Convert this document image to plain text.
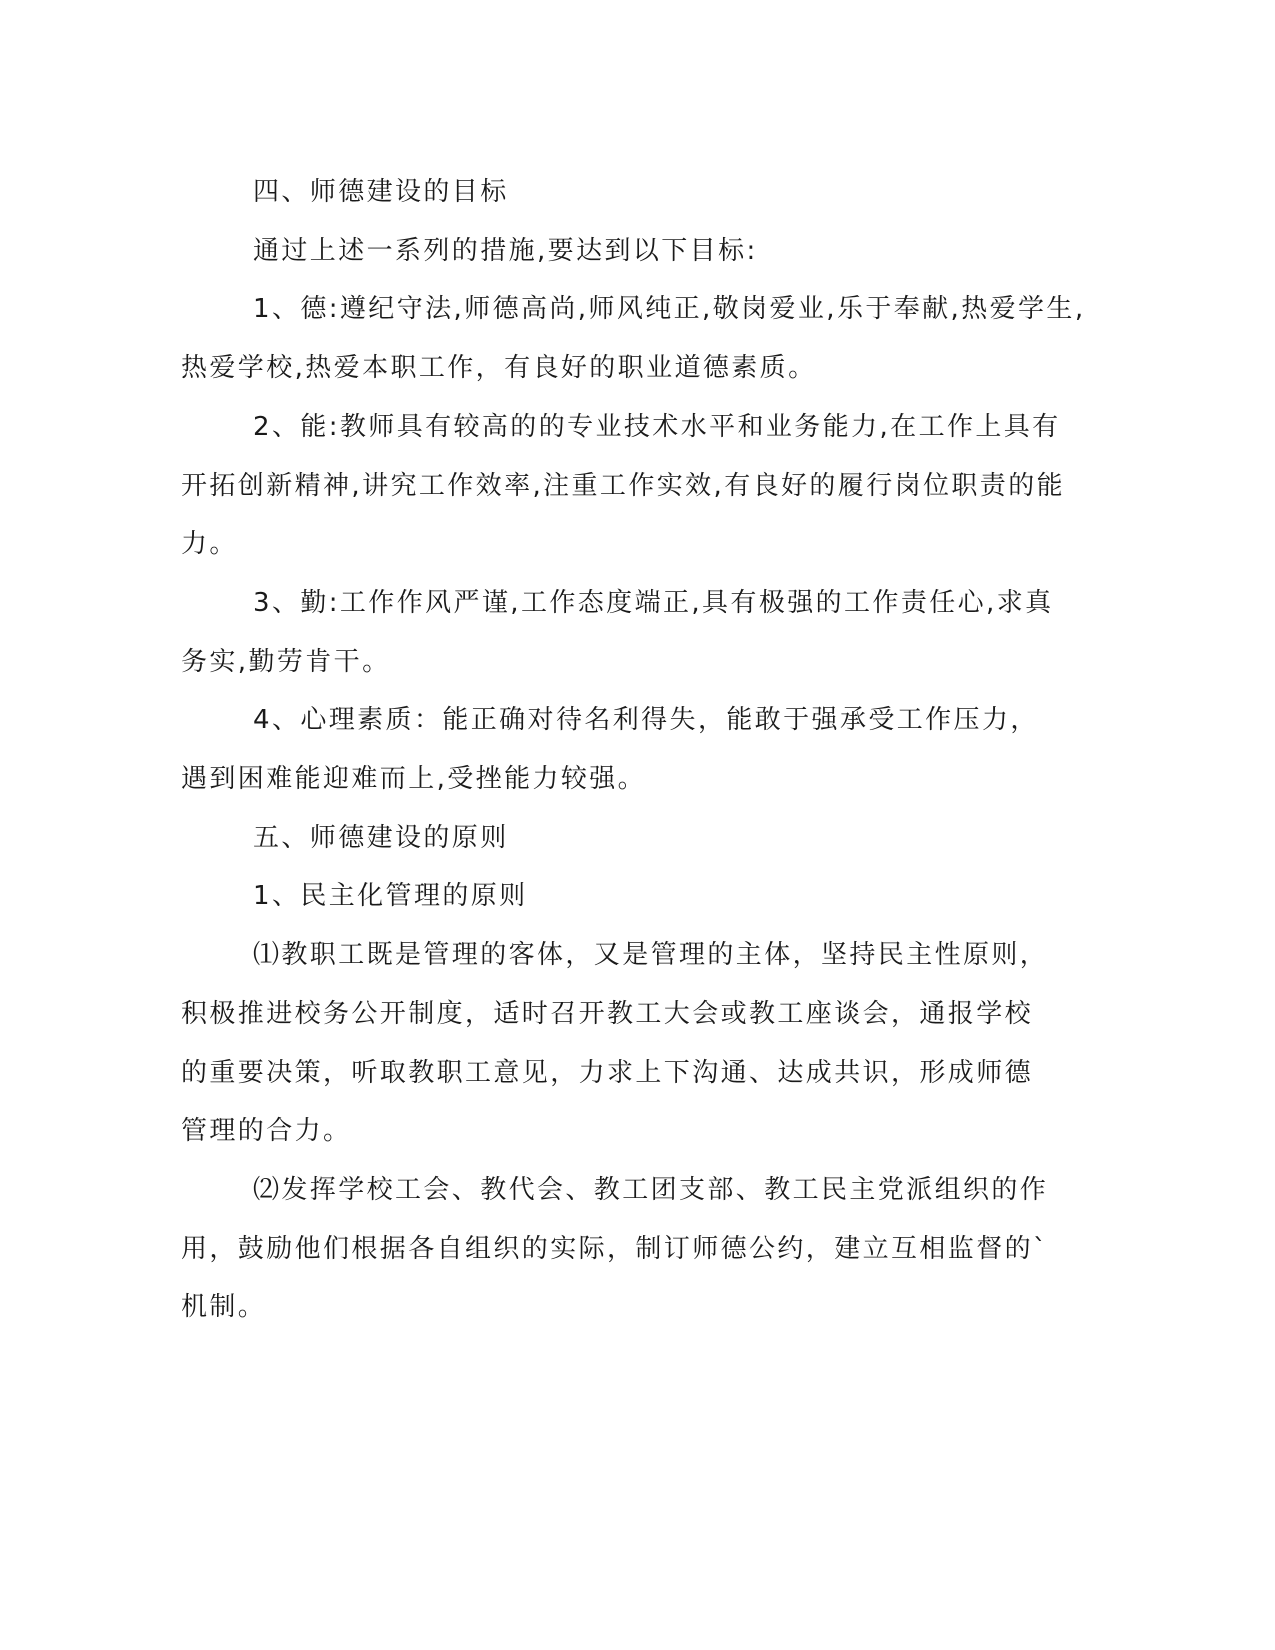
四、师德建设的目标

通过上述一系列的措施,要达到以下目标:

1、德:遵纪守法,师德高尚,师风纯正,敬岗爱业,乐于奉献,热爱学生,
热爱学校,热爱本职工作，有良好的职业道德素质。

2、能:教师具有较高的的专业技术水平和业务能力,在工作上具有
开拓创新精神,讲究工作效率,注重工作实效,有良好的履行岗位职责的能
力。

3、勤:工作作风严谨,工作态度端正,具有极强的工作责任心,求真
务实,勤劳肯干。

4、心理素质：能正确对待名利得失，能敢于强承受工作压力，
遇到困难能迎难而上,受挫能力较强。

五、师德建设的原则

1、民主化管理的原则

⑴教职工既是管理的客体，又是管理的主体，坚持民主性原则，
积极推进校务公开制度，适时召开教工大会或教工座谈会，通报学校
的重要决策，听取教职工意见，力求上下沟通、达成共识，形成师德
管理的合力。

⑵发挥学校工会、教代会、教工团支部、教工民主党派组织的作
用，鼓励他们根据各自组织的实际，制订师德公约，建立互相监督的`
机制。
